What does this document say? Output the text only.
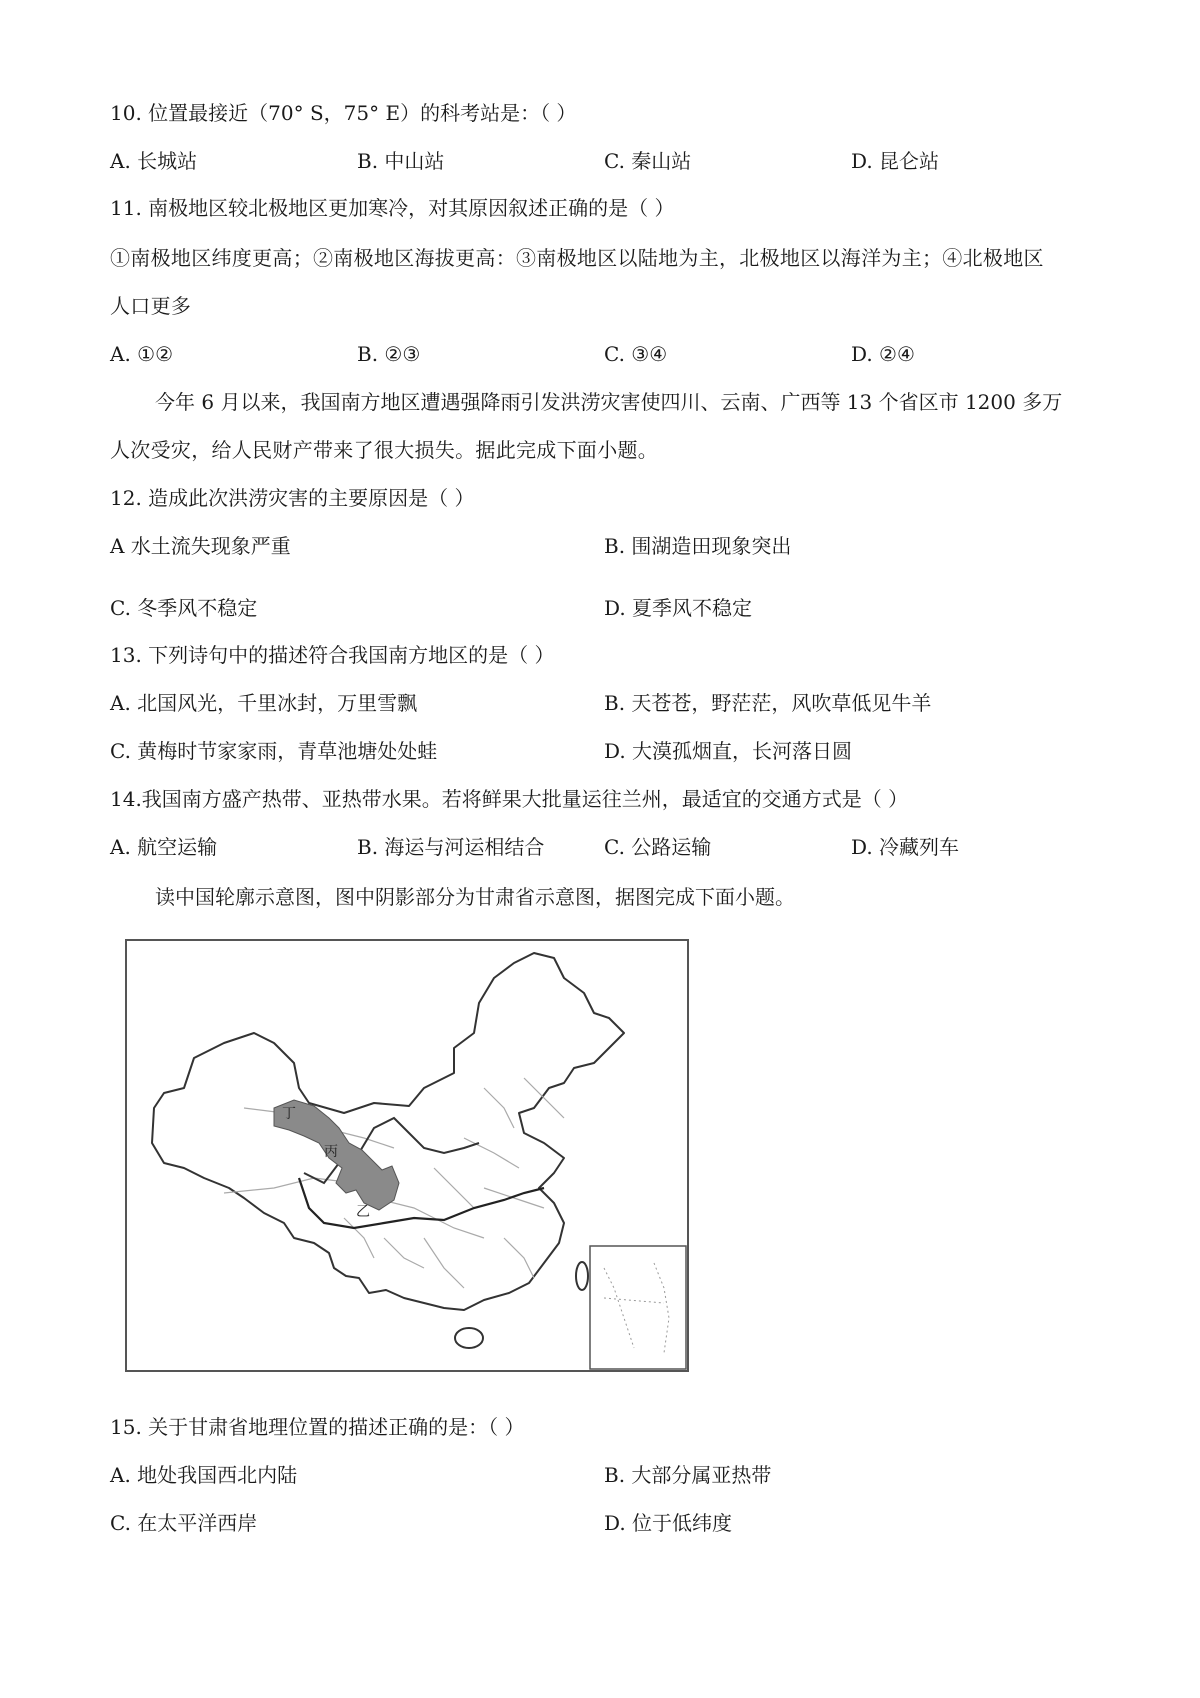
10. 位置最接近（70° S，75° E）的科考站是：（ ）
A. 长城站	B. 中山站	C. 秦山站	D. 昆仑站
11. 南极地区较北极地区更加寒冷，对其原因叙述正确的是（ ）
①南极地区纬度更高；②南极地区海拔更高：③南极地区以陆地为主，北极地区以海洋为主；④北极地区
人口更多
A. ①②	B. ②③	C. ③④	D. ②④
今年 6 月以来，我国南方地区遭遇强降雨引发洪涝灾害使四川、云南、广西等 13 个省区市 1200 多万
人次受灾，给人民财产带来了很大损失。据此完成下面小题。
12. 造成此次洪涝灾害的主要原因是（ ）
A 水土流失现象严重	B. 围湖造田现象突出
C. 冬季风不稳定	D. 夏季风不稳定
13. 下列诗句中的描述符合我国南方地区的是（ ）
A. 北国风光，千里冰封，万里雪飘	B. 天苍苍，野茫茫，风吹草低见牛羊
C. 黄梅时节家家雨，青草池塘处处蛙	D. 大漠孤烟直，长河落日圆
14.我国南方盛产热带、亚热带水果。若将鲜果大批量运往兰州，最适宜的交通方式是（ ）
A. 航空运输	B. 海运与河运相结合	C. 公路运输	D. 冷藏列车
读中国轮廓示意图，图中阴影部分为甘肃省示意图，据图完成下面小题。
丁
丙
乙
15. 关于甘肃省地理位置的描述正确的是：（ ）
A. 地处我国西北内陆	B. 大部分属亚热带
C. 在太平洋西岸	D. 位于低纬度
